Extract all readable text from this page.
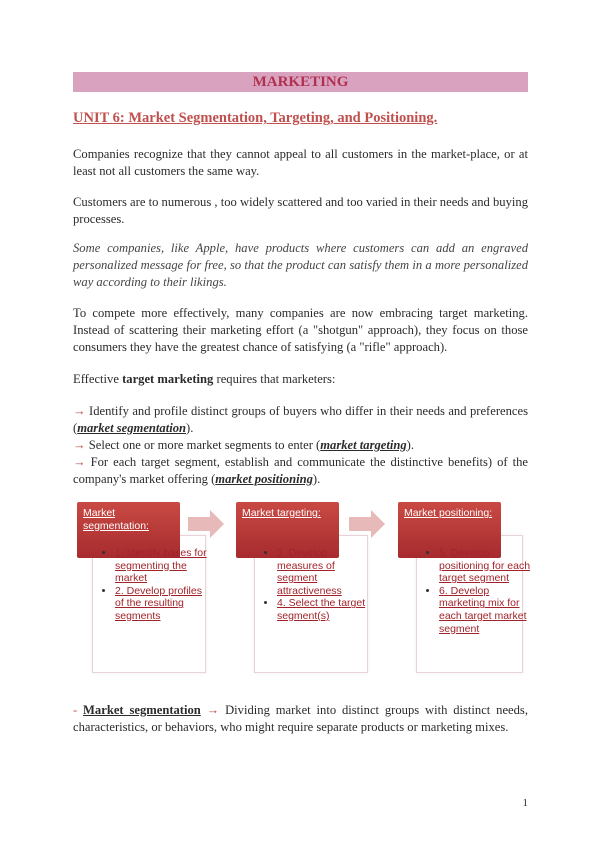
MARKETING
UNIT 6: Market Segmentation, Targeting, and Positioning.
Companies recognize that they cannot appeal to all customers in the market-place, or at least not all customers the same way.
Customers are to numerous , too widely scattered and too varied in their needs and buying processes.
Some companies, like Apple, have products where customers can add an engraved personalized message for free, so that the product can satisfy them in a more personalized way according to their likings.
To compete more effectively, many companies are now embracing target marketing. Instead of scattering their marketing effort (a "shotgun" approach), they focus on those consumers they have the greatest chance of satisfying (a "rifle" approach).
Effective target marketing requires that marketers:
→ Identify and profile distinct groups of buyers who differ in their needs and preferences (market segmentation).
→ Select one or more market segments to enter (market targeting).
→ For each target segment, establish and communicate the distinctive benefits) of the company's market offering (market positioning).
Market segmentation:
• 1. Identify bases for segmenting the market
• 2. Develop profiles of the resulting segments
Market targeting:
• 3. Develop measures of segment attractiveness
• 4. Select the target segment(s)
Market positioning:
• 5. Develop positioning for each target segment
• 6. Develop marketing mix for each target market segment
- Market segmentation → Dividing market into distinct groups with distinct needs, characteristics, or behaviors, who might require separate products or marketing mixes.
1
